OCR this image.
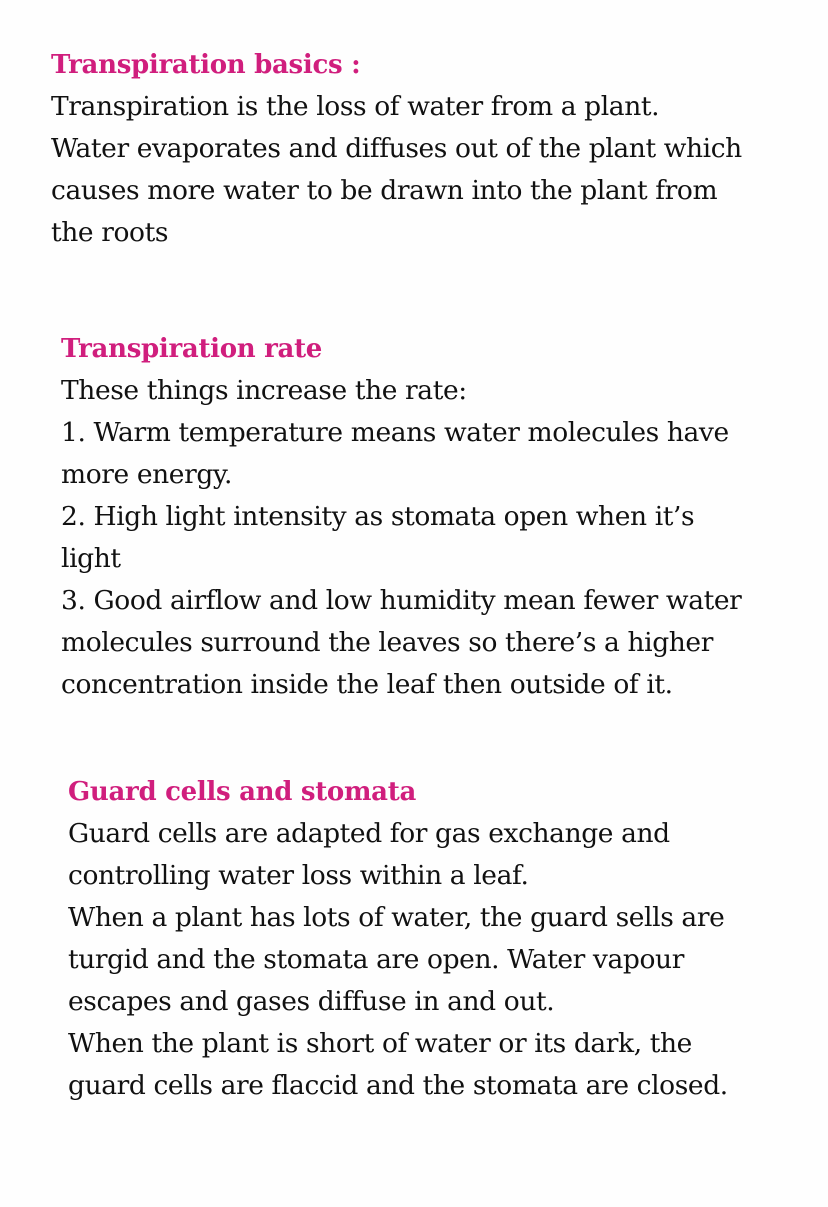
Transpiration basics :

Transpiration is the loss of water from a plant.

Water evaporates and diffuses out of the plant which

causes more water to be drawn into the plant from

the roots

Transpiration rate

These things increase the rate:

1. Warm temperature means water molecules have

more energy.

2. High light intensity as stomata open when it’s

light

3. Good airflow and low humidity mean fewer water

molecules surround the leaves so there’s a higher

concentration inside the leaf then outside of it.

Guard cells and stomata

Guard cells are adapted for gas exchange and

controlling water loss within a leaf.

When a plant has lots of water, the guard sells are

turgid and the stomata are open. Water vapour

escapes and gases diffuse in and out.

When the plant is short of water or its dark, the

guard cells are flaccid and the stomata are closed.
